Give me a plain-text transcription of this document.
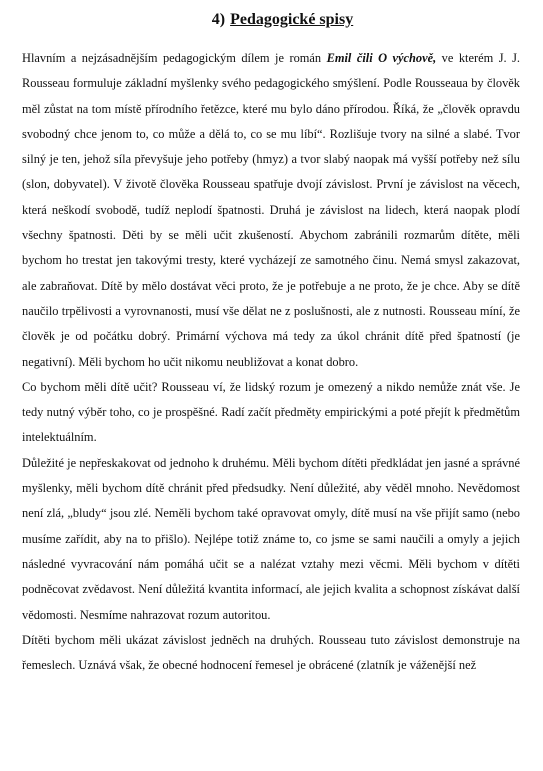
4) Pedagogické spisy

Hlavním a nejzásadnějším pedagogickým dílem je román Emil čili O výchově, ve kterém J. J. Rousseau formuluje základní myšlenky svého pedagogického smýšlení. Podle Rousseaua by člověk měl zůstat na tom místě přírodního řetězce, které mu bylo dáno přírodou. Říká, že „člověk opravdu svobodný chce jenom to, co může a dělá to, co se mu líbí“. Rozlišuje tvory na silné a slabé. Tvor silný je ten, jehož síla převyšuje jeho potřeby (hmyz) a tvor slabý naopak má vyšší potřeby než sílu (slon, dobyvatel). V životě člověka Rousseau spatřuje dvojí závislost. První je závislost na věcech, která neškodí svobodě, tudíž neplodí špatnosti. Druhá je závislost na lidech, která naopak plodí všechny špatnosti. Děti by se měli učit zkušeností. Abychom zabránili rozmarům dítěte, měli bychom ho trestat jen takovými tresty, které vycházejí ze samotného činu. Nemá smysl zakazovat, ale zabraňovat. Dítě by mělo dostávat věci proto, že je potřebuje a ne proto, že je chce. Aby se dítě naučilo trpělivosti a vyrovnanosti, musí vše dělat ne z poslušnosti, ale z nutnosti. Rousseau míní, že člověk je od počátku dobrý. Primární výchova má tedy za úkol chránit dítě před špatností (je negativní). Měli bychom ho učit nikomu neubližovat a konat dobro.

Co bychom měli dítě učit? Rousseau ví, že lidský rozum je omezený a nikdo nemůže znát vše. Je tedy nutný výběr toho, co je prospěšné. Radí začít předměty empirickými a poté přejít k předmětům intelektuálním.

Důležité je nepřeskakovat od jednoho k druhému. Měli bychom dítěti předkládat jen jasné a správné myšlenky, měli bychom dítě chránit před předsudky. Není důležité, aby věděl mnoho. Nevědomost není zlá, „bludy“ jsou zlé. Neměli bychom také opravovat omyly, dítě musí na vše přijít samo (nebo musíme zařídit, aby na to přišlo). Nejlépe totiž známe to, co jsme se sami naučili a omyly a jejich následné vyvracování nám pomáhá učit se a nalézat vztahy mezi věcmi. Měli bychom v dítěti podněcovat zvědavost. Není důležitá kvantita informací, ale jejich kvalita a schopnost získávat další vědomosti. Nesmíme nahrazovat rozum autoritou.

Dítěti bychom měli ukázat závislost jedněch na druhých. Rousseau tuto závislost demonstruje na řemeslech. Uznává však, že obecné hodnocení řemesel je obrácené (zlatník je váženější než
